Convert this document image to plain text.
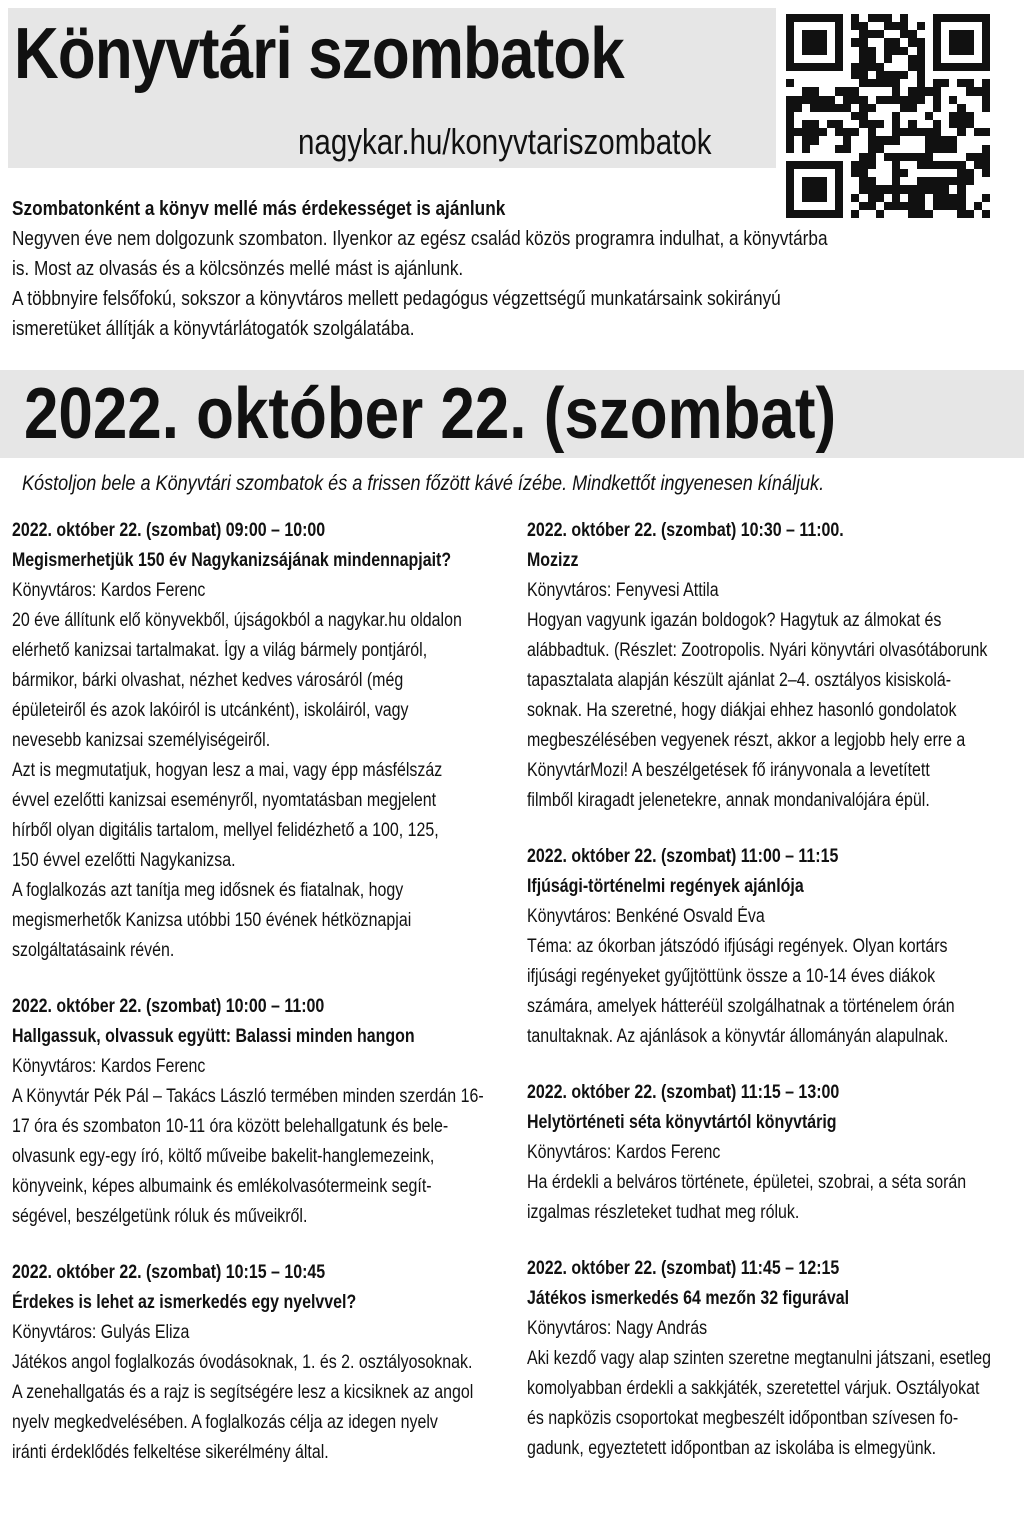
Könyvtári szombatok
nagykar.hu/konyvtariszombatok

Szombatonként a könyv mellé más érdekességet is ajánlunk

Negyven éve nem dolgozunk szombaton. Ilyenkor az egész család közös programra indulhat, a könyvtárba

is. Most az olvasás és a kölcsönzés mellé mást is ajánlunk.

A többnyire felsőfokú, sokszor a könyvtáros mellett pedagógus végzettségű munkatársaink sokirányú

ismeretüket állítják a könyvtárlátogatók szolgálatába.

2022. október 22. (szombat)
Kóstoljon bele a Könyvtári szombatok és a frissen főzött kávé ízébe. Mindkettőt ingyenesen kínáljuk.
2022. október 22. (szombat) 09:00 – 10:00
Megismerhetjük 150 év Nagykanizsájának mindennapjait?
Könyvtáros: Kardos Ferenc
20 éve állítunk elő könyvekből, újságokból a nagykar.hu oldalon
elérhető kanizsai tartalmakat. Így a világ bármely pontjáról,
bármikor, bárki olvashat, nézhet kedves városáról (még
épületeiről és azok lakóiról is utcánként), iskoláiról, vagy
nevesebb kanizsai személyiségeiről.
Azt is megmutatjuk, hogyan lesz a mai, vagy épp másfélszáz
évvel ezelőtti kanizsai eseményről, nyomtatásban megjelent
hírből olyan digitális tartalom, mellyel felidézhető a 100, 125,
150 évvel ezelőtti Nagykanizsa.
A foglalkozás azt tanítja meg idősnek és fiatalnak, hogy
megismerhetők Kanizsa utóbbi 150 évének hétköznapjai
szolgáltatásaink révén.
2022. október 22. (szombat) 10:00 – 11:00
Hallgassuk, olvassuk együtt: Balassi minden hangon
Könyvtáros: Kardos Ferenc
A Könyvtár Pék Pál – Takács László termében minden szerdán 16-
17 óra és szombaton 10-11 óra között belehallgatunk és bele-
olvasunk egy-egy író, költő műveibe bakelit-hanglemezeink,
könyveink, képes albumaink és emlékolvasótermeink segít-
ségével, beszélgetünk róluk és műveikről.
2022. október 22. (szombat) 10:15 – 10:45
Érdekes is lehet az ismerkedés egy nyelvvel?
Könyvtáros: Gulyás Eliza
Játékos angol foglalkozás óvodásoknak, 1. és 2. osztályosoknak.
A zenehallgatás és a rajz is segítségére lesz a kicsiknek az angol
nyelv megkedvelésében. A foglalkozás célja az idegen nyelv
iránti érdeklődés felkeltése sikerélmény által.
2022. október 22. (szombat) 10:30 – 11:00.
Mozizz
Könyvtáros: Fenyvesi Attila
Hogyan vagyunk igazán boldogok? Hagytuk az álmokat és
alábbadtuk. (Részlet: Zootropolis. Nyári könyvtári olvasótáborunk
tapasztalata alapján készült ajánlat 2–4. osztályos kisiskolá-
soknak. Ha szeretné, hogy diákjai ehhez hasonló gondolatok
megbeszélésében vegyenek részt, akkor a legjobb hely erre a
KönyvtárMozi! A beszélgetések fő irányvonala a levetített
filmből kiragadt jelenetekre, annak mondanivalójára épül.
2022. október 22. (szombat) 11:00 – 11:15
Ifjúsági-történelmi regények ajánlója
Könyvtáros: Benkéné Osvald Éva
Téma: az ókorban játszódó ifjúsági regények. Olyan kortárs
ifjúsági regényeket gyűjtöttünk össze a 10-14 éves diákok
számára, amelyek hátteréül szolgálhatnak a történelem órán
tanultaknak. Az ajánlások a könyvtár állományán alapulnak.
2022. október 22. (szombat) 11:15 – 13:00
Helytörténeti séta könyvtártól könyvtárig
Könyvtáros: Kardos Ferenc
Ha érdekli a belváros története, épületei, szobrai, a séta során
izgalmas részleteket tudhat meg róluk.
2022. október 22. (szombat) 11:45 – 12:15
Játékos ismerkedés 64 mezőn 32 figurával
Könyvtáros: Nagy András
Aki kezdő vagy alap szinten szeretne megtanulni játszani, esetleg
komolyabban érdekli a sakkjáték, szeretettel várjuk. Osztályokat
és napközis csoportokat megbeszélt időpontban szívesen fo-
gadunk, egyeztetett időpontban az iskolába is elmegyünk.
